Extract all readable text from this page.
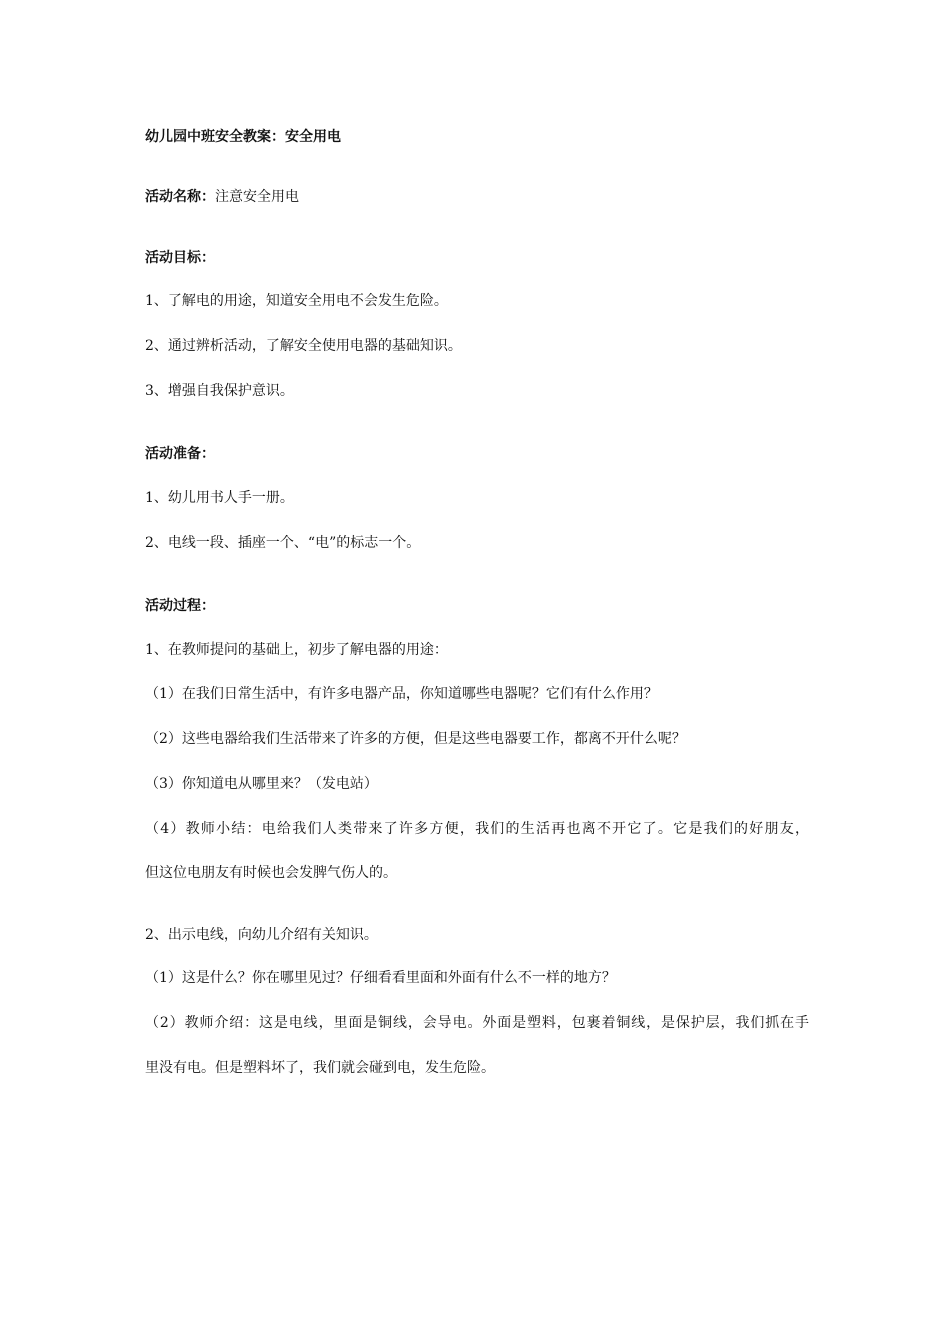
幼儿园中班安全教案：安全用电
活动名称：注意安全用电
活动目标：
1、了解电的用途，知道安全用电不会发生危险。
2、通过辨析活动，了解安全使用电器的基础知识。
3、增强自我保护意识。
活动准备：
1、幼儿用书人手一册。
2、电线一段、插座一个、“电”的标志一个。
活动过程：
1、在教师提问的基础上，初步了解电器的用途：
（1）在我们日常生活中，有许多电器产品，你知道哪些电器呢？它们有什么作用？
（2）这些电器给我们生活带来了许多的方便，但是这些电器要工作，都离不开什么呢？
（3）你知道电从哪里来？（发电站）
（4）教师小结：电给我们人类带来了许多方便，我们的生活再也离不开它了。它是我们的好朋友，
但这位电朋友有时候也会发脾气伤人的。
2、出示电线，向幼儿介绍有关知识。
（1）这是什么？你在哪里见过？仔细看看里面和外面有什么不一样的地方？
（2）教师介绍：这是电线，里面是铜线，会导电。外面是塑料，包裹着铜线，是保护层，我们抓在手
里没有电。但是塑料坏了，我们就会碰到电，发生危险。
